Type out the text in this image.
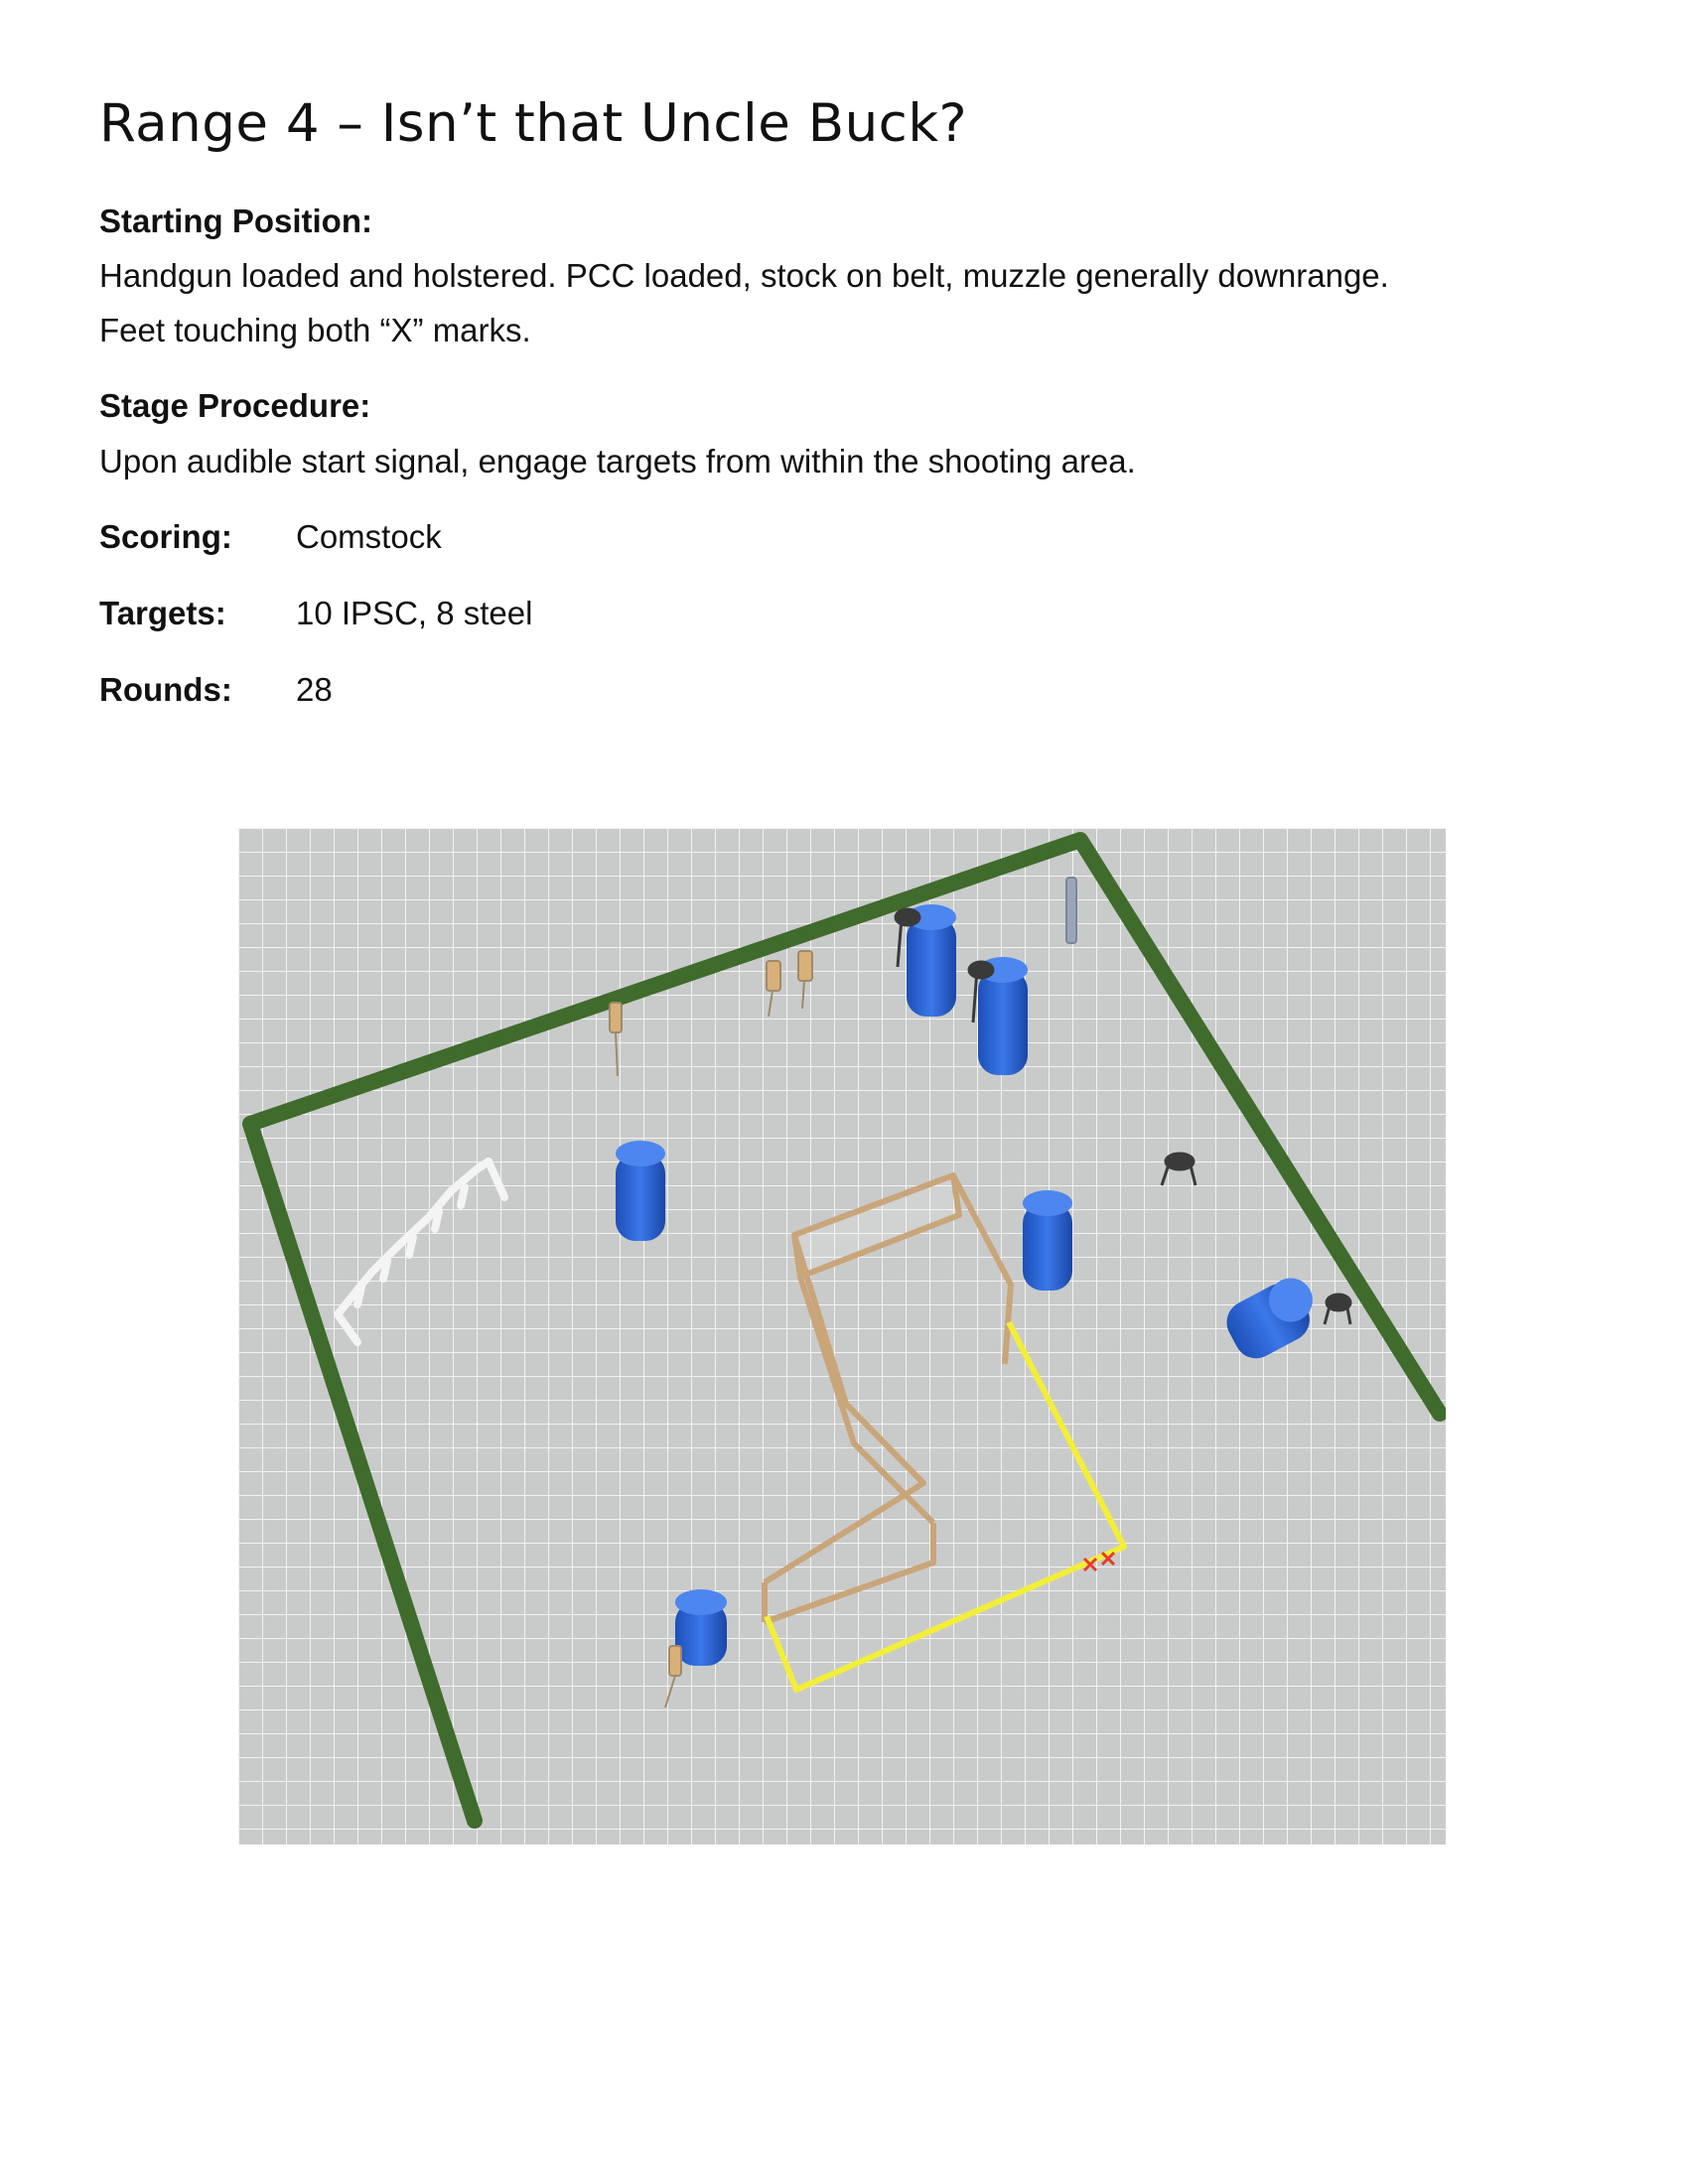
Range 4 – Isn’t that Uncle Buck?
Starting Position:
Handgun loaded and holstered. PCC loaded, stock on belt, muzzle generally downrange.
Feet touching both “X” marks.
Stage Procedure:
Upon audible start signal, engage targets from within the shooting area.
Scoring: Comstock
Targets: 10 IPSC, 8 steel
Rounds: 28
